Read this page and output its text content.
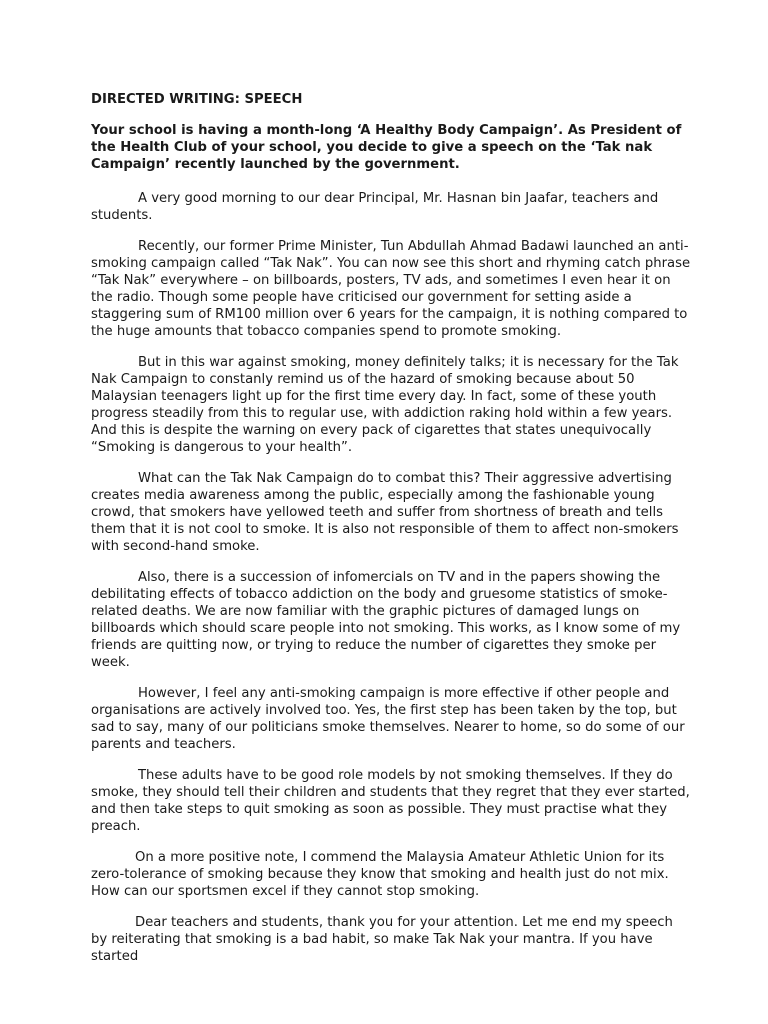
DIRECTED WRITING: SPEECH

Your school is having a month-long ‘A Healthy Body Campaign’. As President of the Health Club of your school, you decide to give a speech on the ‘Tak nak Campaign’ recently launched by the government.

A very good morning to our dear Principal, Mr. Hasnan bin Jaafar, teachers and students.

Recently, our former Prime Minister, Tun Abdullah Ahmad Badawi launched an anti-smoking campaign called “Tak Nak”. You can now see this short and rhyming catch phrase “Tak Nak” everywhere – on billboards, posters, TV ads, and sometimes I even hear it on the radio. Though some people have criticised our government for setting aside a staggering sum of RM100 million over 6 years for the campaign, it is nothing compared to the huge amounts that tobacco companies spend to promote smoking.

But in this war against smoking, money definitely talks; it is necessary for the Tak Nak Campaign to constanly remind us of the hazard of smoking because about 50 Malaysian teenagers light up for the first time every day. In fact, some of these youth progress steadily from this to regular use, with addiction raking hold within a few years. And this is despite the warning on every pack of cigarettes that states unequivocally “Smoking is dangerous to your health”.

What can the Tak Nak Campaign do to combat this? Their aggressive advertising creates media awareness among the public, especially among the fashionable young crowd, that smokers have yellowed teeth and suffer from shortness of breath and tells them that it is not cool to smoke. It is also not responsible of them to affect non-smokers with second-hand smoke.

Also, there is a succession of infomercials on TV and in the papers showing the debilitating effects of tobacco addiction on the body and gruesome statistics of smoke-related deaths. We are now familiar with the graphic pictures of damaged lungs on billboards which should scare people into not smoking. This works, as I know some of my friends are quitting now, or trying to reduce the number of cigarettes they smoke per week.

However, I feel any anti-smoking campaign is more effective if other people and organisations are actively involved too. Yes, the first step has been taken by the top, but sad to say, many of our politicians smoke themselves. Nearer to home, so do some of our parents and teachers.

These adults have to be good role models by not smoking themselves. If they do smoke, they should tell their children and students that they regret that they ever started, and then take steps to quit smoking as soon as possible. They must practise what they preach.

On a more positive note, I commend the Malaysia Amateur Athletic Union for its zero-tolerance of smoking because they know that smoking and health just do not mix. How can our sportsmen excel if they cannot stop smoking.

Dear teachers and students, thank you for your attention. Let me end my speech by reiterating that smoking is a bad habit, so make Tak Nak your mantra. If you have started
